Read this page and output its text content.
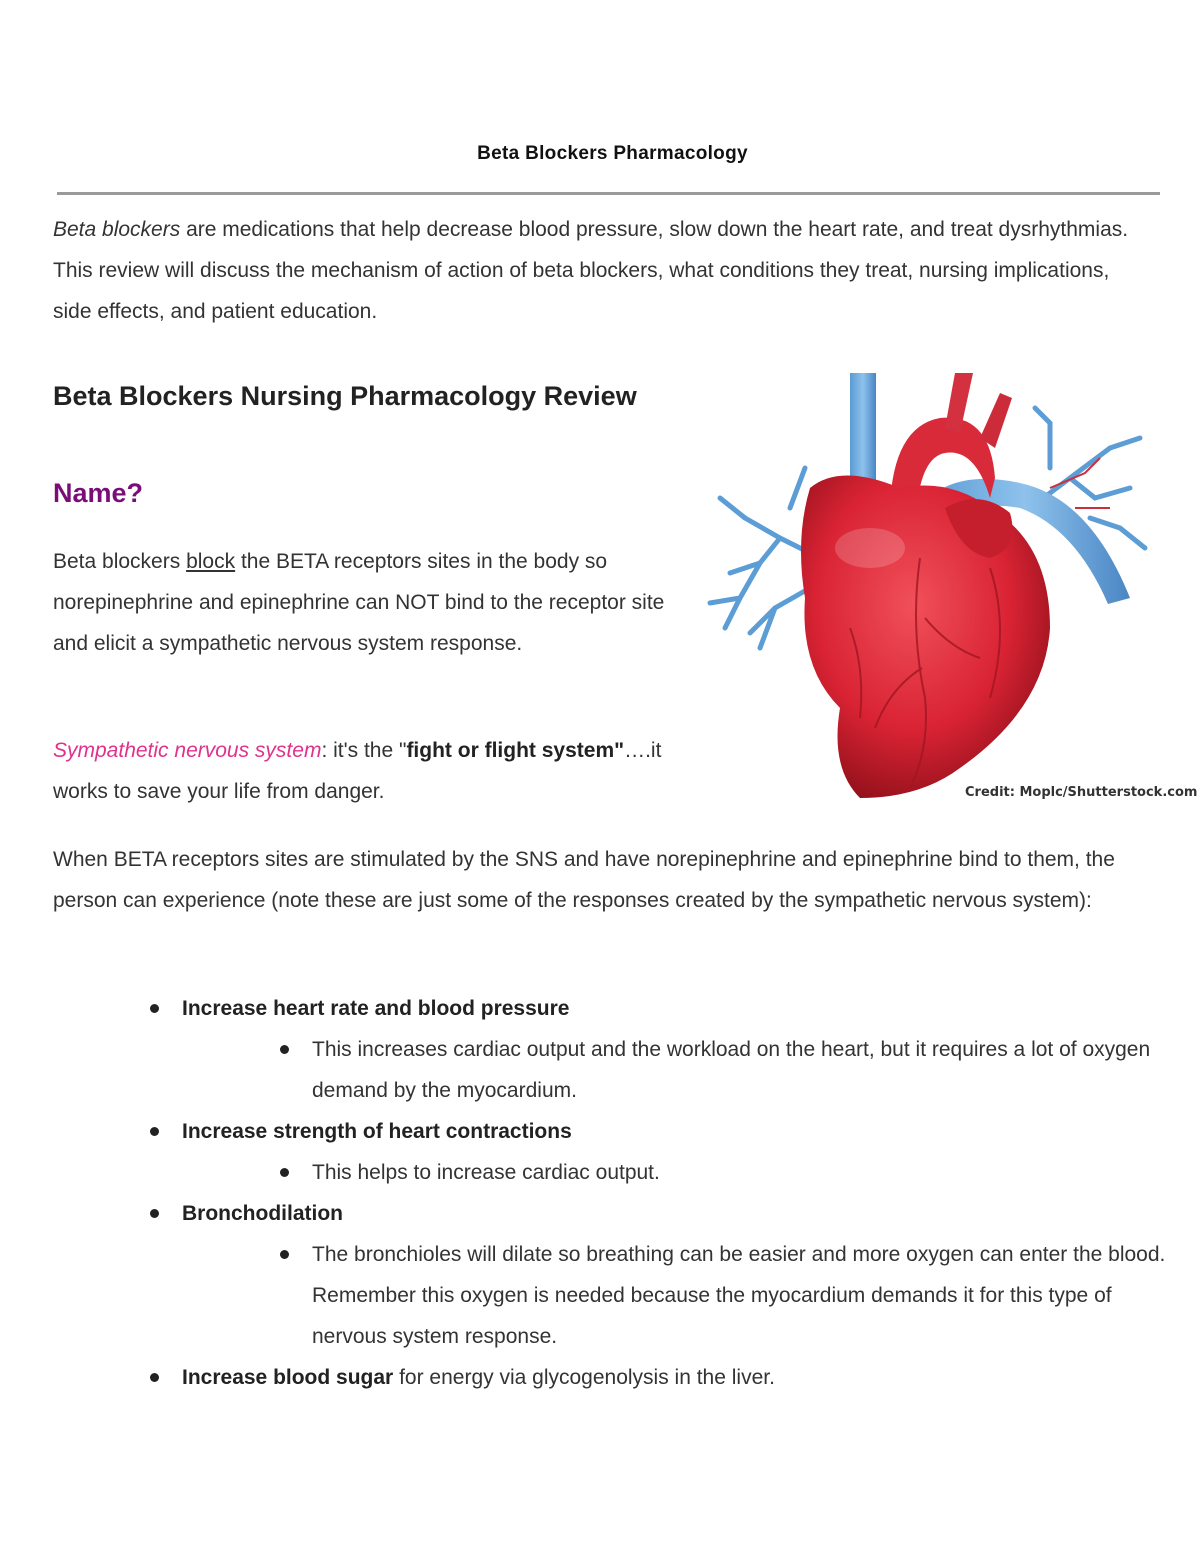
Beta Blockers Pharmacology

Beta blockers are medications that help decrease blood pressure, slow down the heart rate, and treat dysrhythmias. This review will discuss the mechanism of action of beta blockers, what conditions they treat, nursing implications, side effects, and patient education.

Beta Blockers Nursing Pharmacology Review
Name?

Beta blockers block the BETA receptors sites in the body so norepinephrine and epinephrine can NOT bind to the receptor site and elicit a sympathetic nervous system response.

Sympathetic nervous system: it's the "fight or flight system"….it works to save your life from danger.

When BETA receptors sites are stimulated by the SNS and have norepinephrine and epinephrine bind to them, the person can experience (note these are just some of the responses created by the sympathetic nervous system):

Credit: Moplc/Shutterstock.com
Increase heart rate and blood pressure
This increases cardiac output and the workload on the heart, but it requires a lot of oxygen demand by the myocardium.
Increase strength of heart contractions
This helps to increase cardiac output.
Bronchodilation
The bronchioles will dilate so breathing can be easier and more oxygen can enter the blood. Remember this oxygen is needed because the myocardium demands it for this type of nervous system response.
Increase blood sugar for energy via glycogenolysis in the liver.
